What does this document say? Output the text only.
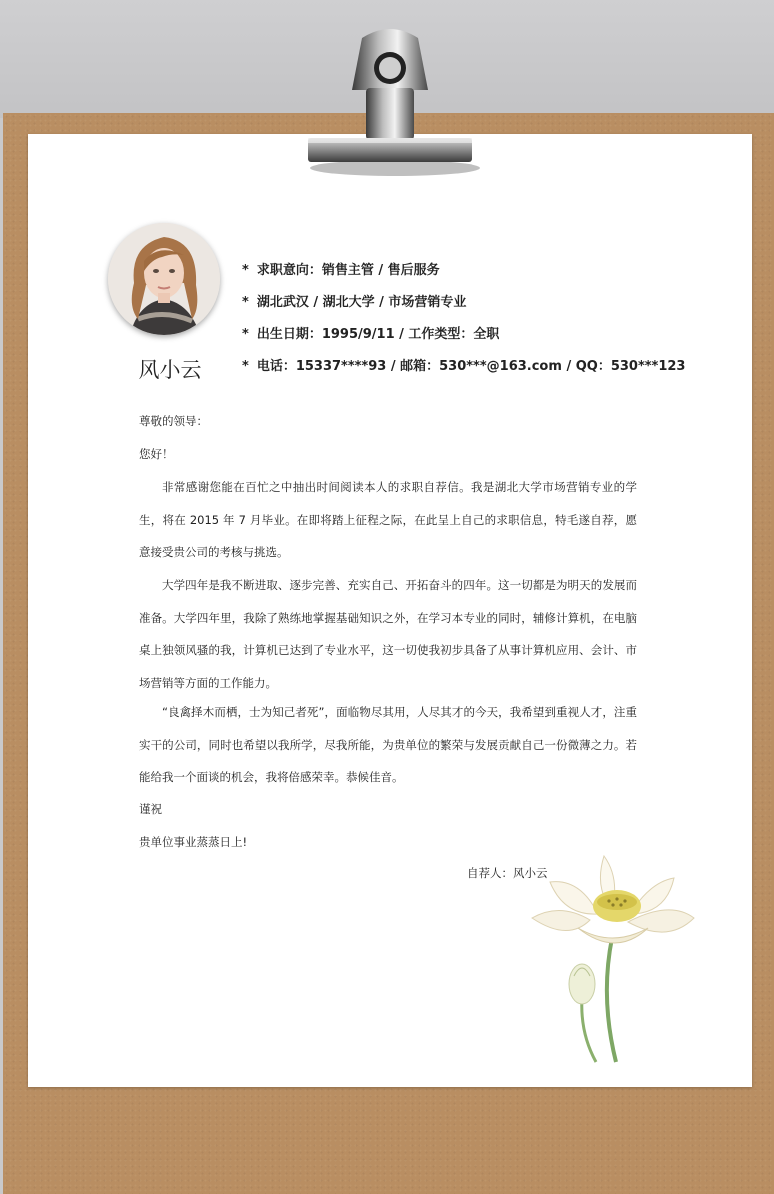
风小云
* 求职意向：销售主管 / 售后服务
* 湖北武汉 / 湖北大学 / 市场营销专业
* 出生日期：1995/9/11 / 工作类型：全职
* 电话：15337****93 / 邮箱：530***@163.com / QQ：530***123
尊敬的领导：
您好！
非常感谢您能在百忙之中抽出时间阅读本人的求职自荐信。我是湖北大学市场营销专业的学生，将在 2015 年 7 月毕业。在即将踏上征程之际，在此呈上自己的求职信息，特毛遂自荐，愿意接受贵公司的考核与挑选。
大学四年是我不断进取、逐步完善、充实自己、开拓奋斗的四年。这一切都是为明天的发展而准备。大学四年里，我除了熟练地掌握基础知识之外，在学习本专业的同时，辅修计算机，在电脑桌上独领风骚的我，计算机已达到了专业水平，这一切使我初步具备了从事计算机应用、会计、市场营销等方面的工作能力。
“良禽择木而栖，士为知己者死”，面临物尽其用，人尽其才的今天，我希望到重视人才，注重实干的公司，同时也希望以我所学，尽我所能，为贵单位的繁荣与发展贡献自己一份微薄之力。若能给我一个面谈的机会，我将倍感荣幸。恭候佳音。
谨祝
贵单位事业蒸蒸日上!
自荐人：风小云
